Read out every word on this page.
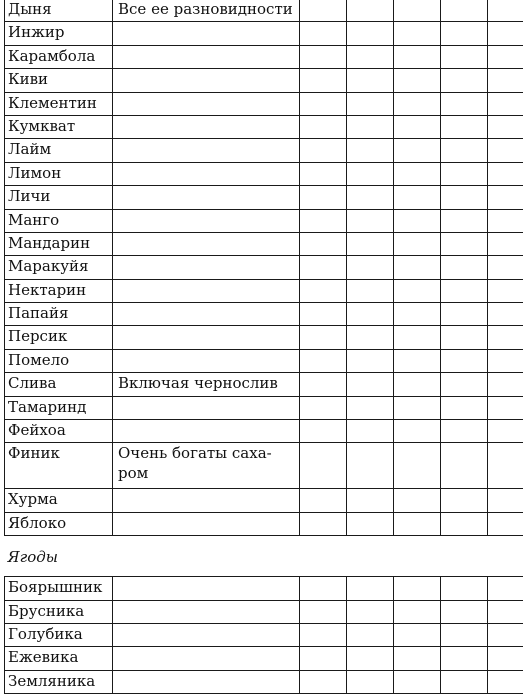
Дыня	Все ее разновидности					
Инжир						
Карамбола						
Киви						
Клементин						
Кумкват						
Лайм						
Лимон						
Личи						
Манго						
Мандарин						
Маракуйя						
Нектарин						
Папайя						
Персик						
Помело						
Слива	Включая чернослив					
Тамаринд						
Фейхоа						
Финик	Очень богаты саха-
ром					
Хурма						
Яблоко						
Ягоды						
Боярышник						
Брусника						
Голубика						
Ежевика						
Земляника						
